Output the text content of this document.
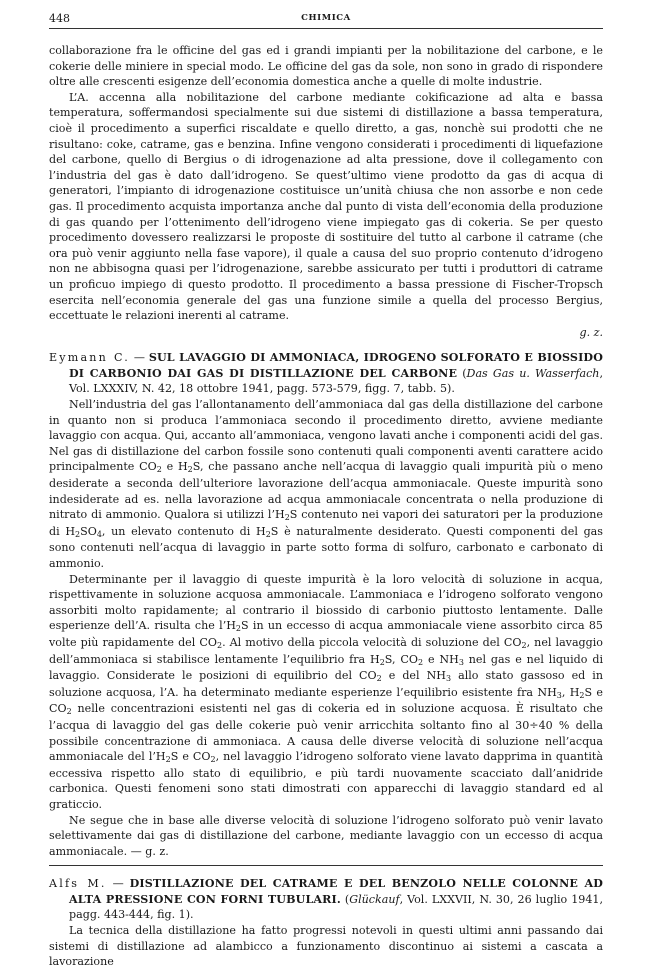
448	CHIMICA

collaborazione fra le officine del gas ed i grandi impianti per la nobilitazione del carbone, e le cokerie delle miniere in special modo. Le officine del gas da sole, non sono in grado di rispondere oltre alle crescenti esigenze dell’economia domestica anche a quelle di molte industrie.

L’A. accenna alla nobilitazione del carbone mediante cokificazione ad alta e bassa temperatura, soffermandosi specialmente sui due sistemi di distillazione a bassa temperatura, cioè il procedimento a superfici riscaldate e quello diretto, a gas, nonchè sui prodotti che ne risultano: coke, catrame, gas e benzina. Infine vengono considerati i procedimenti di liquefazione del carbone, quello di Bergius o di idrogenazione ad alta pressione, dove il collegamento con l’industria del gas è dato dall’idrogeno. Se quest’ultimo viene prodotto da gas di acqua di generatori, l’impianto di idrogenazione costituisce un’unità chiusa che non assorbe e non cede gas. Il procedimento acquista importanza anche dal punto di vista dell’economia della produzione di gas quando per l’ottenimento dell’idrogeno viene impiegato gas di cokeria. Se per questo procedimento dovessero realizzarsi le proposte di sostituire del tutto al carbone il catrame (che ora può venir aggiunto nella fase vapore), il quale a causa del suo proprio contenuto d’idrogeno non ne abbisogna quasi per l’idrogenazione, sarebbe assicurato per tutti i produttori di catrame un proficuo impiego di questo prodotto. Il procedimento a bassa pressione di Fischer-Tropsch esercita nell’economia generale del gas una funzione simile a quella del processo Bergius, eccettuate le relazioni inerenti al catrame.

g. z.

Eymann C. — SUL LAVAGGIO DI AMMONIACA, IDROGENO SOLFORATO E BIOSSIDO DI CARBONIO DAI GAS DI DISTILLAZIONE DEL CARBONE (Das Gas u. Wasserfach, Vol. LXXXIV, N. 42, 18 ottobre 1941, pagg. 573-579, figg. 7, tabb. 5).

Nell’industria del gas l’allontanamento dell’ammoniaca dal gas della distillazione del carbone in quanto non si produca l’ammoniaca secondo il procedimento diretto, avviene mediante lavaggio con acqua. Qui, accanto all’ammoniaca, vengono lavati anche i componenti acidi del gas. Nel gas di distillazione del carbon fossile sono contenuti quali componenti aventi carattere acido principalmente $CO_2$ e $H_2S$, che passano anche nell’acqua di lavaggio quali impurità più o meno desiderate a seconda dell’ulteriore lavorazione dell’acqua ammoniacale. Queste impurità sono indesiderate ad es. nella lavorazione ad acqua ammoniacale concentrata o nella produzione di nitrato di ammonio. Qualora si utilizzi $l’H_2S$ contenuto nei vapori dei saturatori per la produzione di $H_2SO_4$, un elevato contenuto di $H_2S$ è naturalmente desiderato. Questi componenti del gas sono contenuti nell’acqua di lavaggio in parte sotto forma di solfuro, carbonato e carbonato di ammonio.

Determinante per il lavaggio di queste impurità è la loro velocità di soluzione in acqua, rispettivamente in soluzione acquosa ammoniacale. L’ammoniaca e l’idrogeno solforato vengono assorbiti molto rapidamente; al contrario il biossido di carbonio piuttosto lentamente. Dalle esperienze dell’A. risulta che $l’H_2S$ in un eccesso di acqua ammoniacale viene assorbito circa 85 volte più rapidamente del $CO_2$. Al motivo della piccola velocità di soluzione del $CO_2$, nel lavaggio dell’ammoniaca si stabilisce lentamente l’equilibrio fra $H_2S$, $CO_2$ e $NH_3$ nel gas e nel liquido di lavaggio. Considerate le posizioni di equilibrio del $CO_2$ e del $NH_3$ allo stato gassoso ed in soluzione acquosa, l’A. ha determinato mediante esperienze l’equilibrio esistente fra $NH_3$, $H_2S$ e $CO_2$ nelle concentrazioni esistenti nel gas di cokeria ed in soluzione acquosa. È risultato che l’acqua di lavaggio del gas delle cokerie può venir arricchita soltanto fino al 30÷40 % della possibile concentrazione di ammoniaca. A causa delle diverse velocità di soluzione nell’acqua ammoniacale del $l’H_2S$ e $CO_2$, nel lavaggio l’idrogeno solforato viene lavato dapprima in quantità eccessiva rispetto allo stato di equilibrio, e più tardi nuovamente scacciato dall’anidride carbonica. Questi fenomeni sono stati dimostrati con apparecchi di lavaggio standard ed al graticcio.

Ne segue che in base alle diverse velocità di soluzione l’idrogeno solforato può venir lavato selettivamente dai gas di distillazione del carbone, mediante lavaggio con un eccesso di acqua ammoniacale. — g. z.

Alfs M. — DISTILLAZIONE DEL CATRAME E DEL BENZOLO NELLE COLONNE AD ALTA PRESSIONE CON FORNI TUBULARI. (Glückauf, Vol. LXXVII, N. 30, 26 luglio 1941, pagg. 443-444, fig. 1).

La tecnica della distillazione ha fatto progressi notevoli in questi ultimi anni passando dai sistemi di distillazione ad alambicco a funzionamento discontinuo ai sistemi a cascata a lavorazione
